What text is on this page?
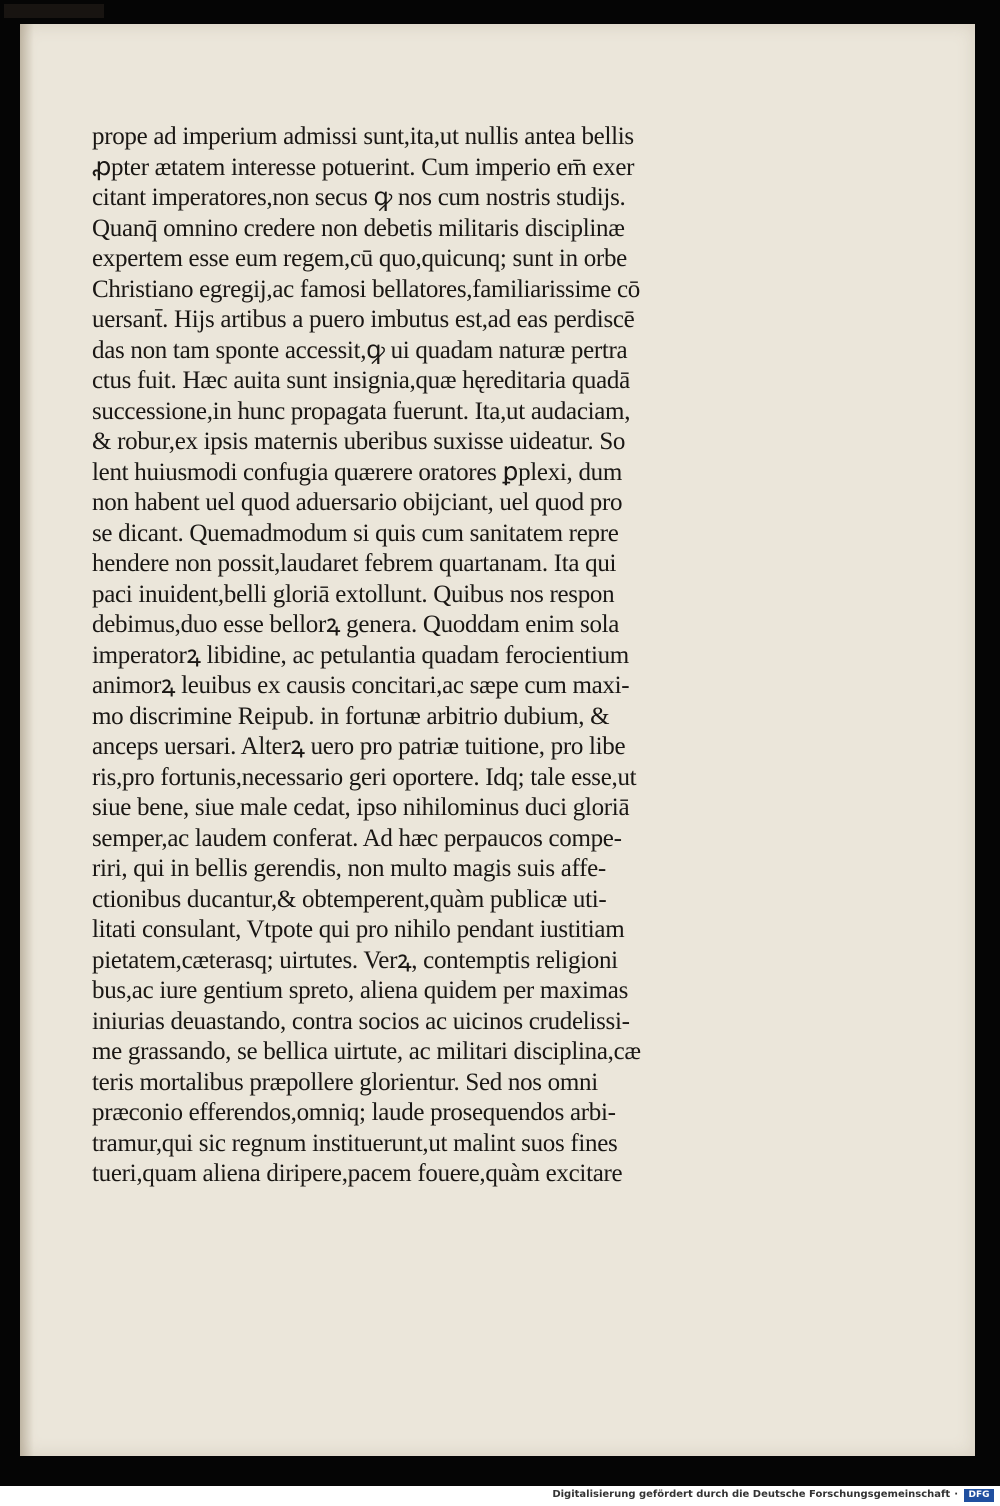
prope ad imperium admissi sunt,ita,ut nullis antea bellis
ꝓpter ætatem interesse potuerint. Cum imperio em̄ exer
citant imperatores,non secus ꝙ nos cum nostris studijs.
Quanq̄ omnino credere non debetis militaris disciplinæ
expertem esse eum regem,cū quo,quicunq; sunt in orbe
Christiano egregij,ac famosi bellatores,familiarissime cō
uersant̄. Hijs artibus a puero imbutus est,ad eas perdiscē
das non tam sponte accessit,ꝙ ui quadam naturæ pertra
ctus fuit. Hæc auita sunt insignia,quæ hęreditaria quadā
successione,in hunc propagata fuerunt. Ita,ut audaciam,
& robur,ex ipsis maternis uberibus suxisse uideatur. So
lent huiusmodi confugia quærere oratores ꝑplexi, dum
non habent uel quod aduersario obijciant, uel quod pro
se dicant. Quemadmodum si quis cum sanitatem repre
hendere non possit,laudaret febrem quartanam. Ita qui
paci inuident,belli gloriā extollunt. Quibus nos respon
debimus,duo esse bellorꝝ genera. Quoddam enim sola
imperatorꝝ libidine, ac petulantia quadam ferocientium
animorꝝ leuibus ex causis concitari,ac sæpe cum maxi-
mo discrimine Reipub. in fortunæ arbitrio dubium, &
anceps uersari. Alterꝝ uero pro patriæ tuitione, pro libe
ris,pro fortunis,necessario geri oportere. Idq; tale esse,ut
siue bene, siue male cedat, ipso nihilominus duci gloriā
semper,ac laudem conferat. Ad hæc perpaucos compe-
riri, qui in bellis gerendis, non multo magis suis affe-
ctionibus ducantur,& obtemperent,quàm publicæ uti-
litati consulant, Vtpote qui pro nihilo pendant iustitiam
pietatem,cæterasq; uirtutes. Verꝝ, contemptis religioni
bus,ac iure gentium spreto, aliena quidem per maximas
iniurias deuastando, contra socios ac uicinos crudelissi-
me grassando, se bellica uirtute, ac militari disciplina,cæ
teris mortalibus præpollere glorientur. Sed nos omni
præconio efferendos,omniq; laude prosequendos arbi-
tramur,qui sic regnum instituerunt,ut malint suos fines
tueri,quam aliena diripere,pacem fouere,quàm excitare
Digitalisierung gefördert durch die Deutsche Forschungsgemeinschaft ·	DFG
